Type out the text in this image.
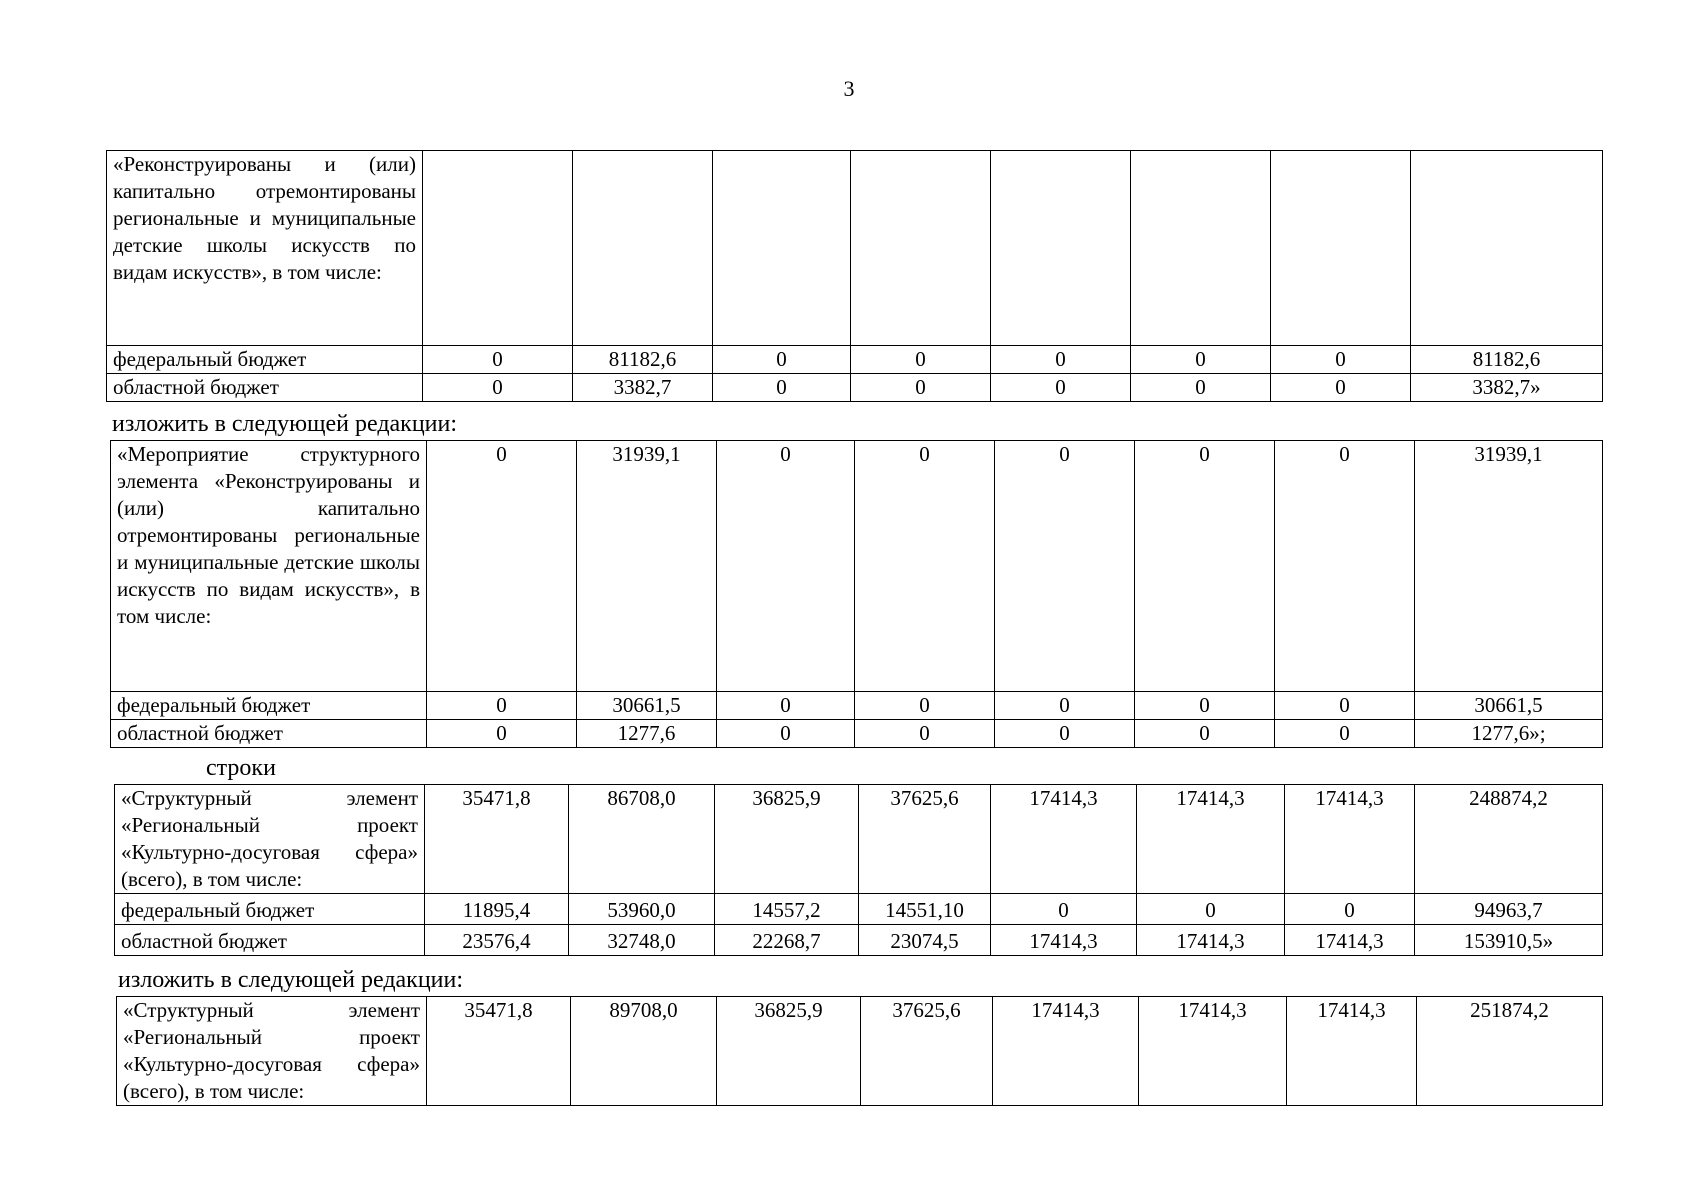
3
«Реконструированы и (или) капитально отремонтированы региональные и муниципальные детские школы искусств по видам искусств», в том числе:								
федеральный бюджет	0	81182,6	0	0	0	0	0	81182,6
областной бюджет	0	3382,7	0	0	0	0	0	3382,7»
изложить в следующей редакции:
«Мероприятие структурного элемента «Реконструированы и (или) капитально отремонтированы региональные и муниципальные детские школы искусств по видам искусств», в том числе:	0	31939,1	0	0	0	0	0	31939,1
федеральный бюджет	0	30661,5	0	0	0	0	0	30661,5
областной бюджет	0	1277,6	0	0	0	0	0	1277,6»;
строки
«Структурный элемент «Региональный проект «Культурно-досуговая сфера» (всего), в том числе:	35471,8	86708,0	36825,9	37625,6	17414,3	17414,3	17414,3	248874,2
федеральный бюджет	11895,4	53960,0	14557,2	14551,10	0	0	0	94963,7
областной бюджет	23576,4	32748,0	22268,7	23074,5	17414,3	17414,3	17414,3	153910,5»
изложить в следующей редакции:
«Структурный элемент «Региональный проект «Культурно-досуговая сфера» (всего), в том числе:	35471,8	89708,0	36825,9	37625,6	17414,3	17414,3	17414,3	251874,2
